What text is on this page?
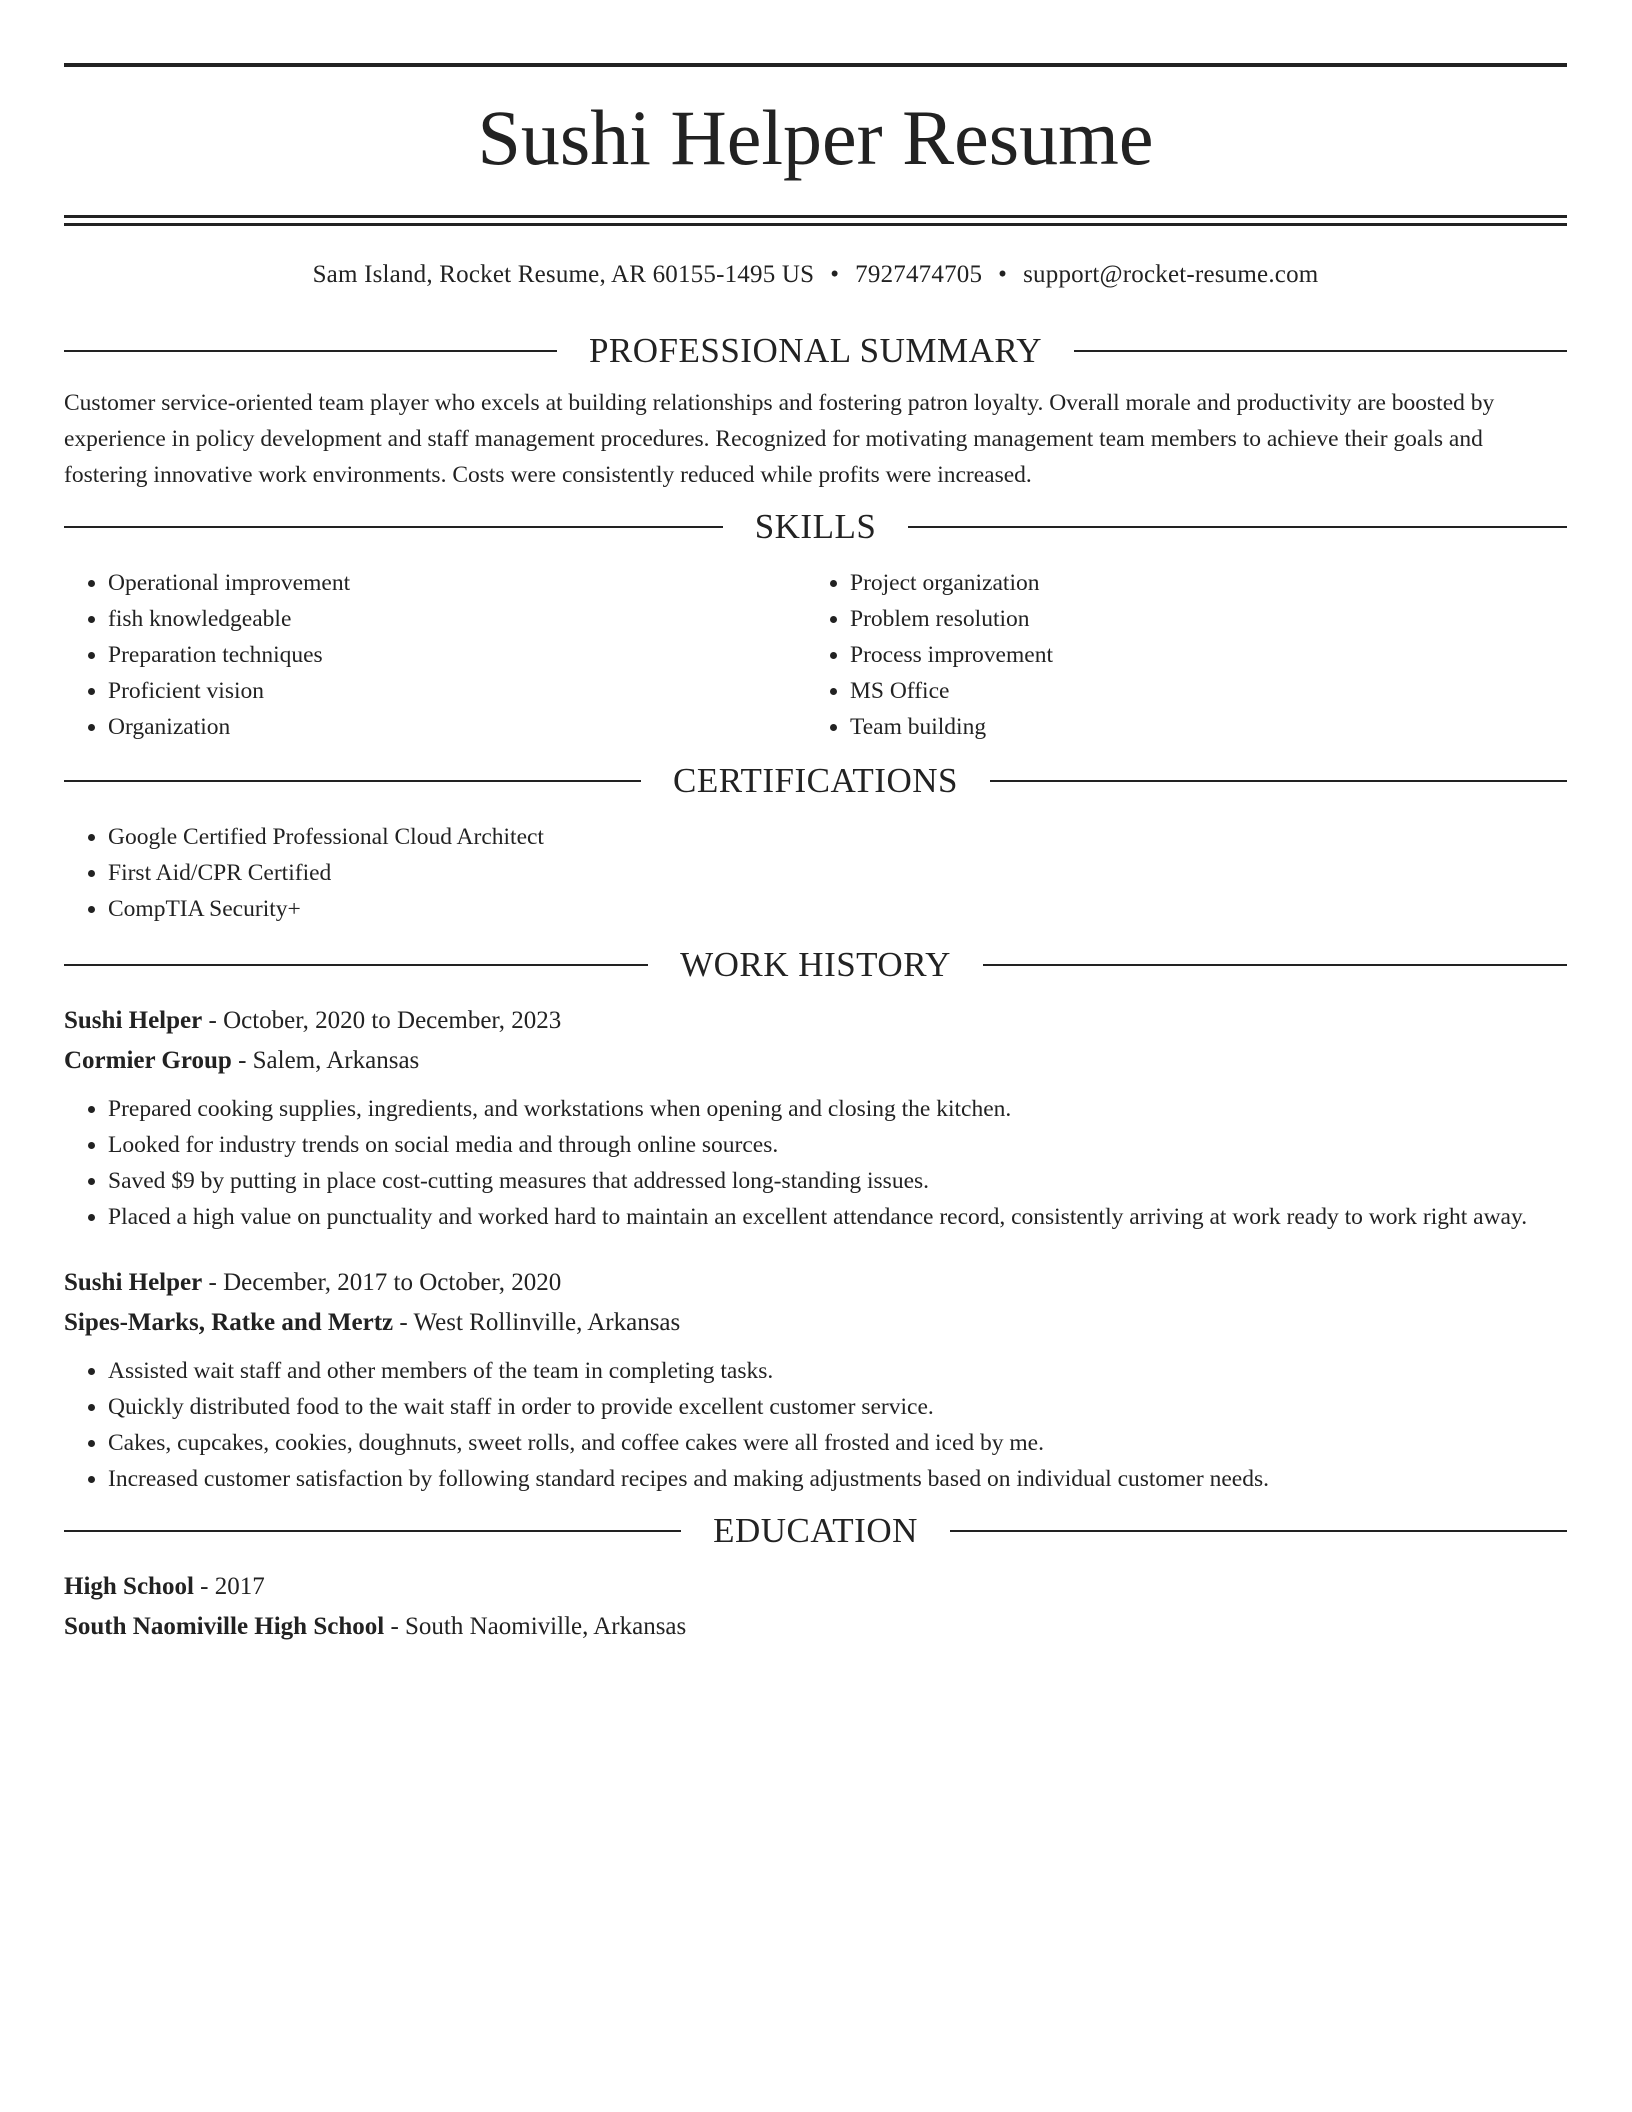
Sushi Helper Resume
Sam Island, Rocket Resume, AR 60155-1495 US • 7927474705 • support@rocket-resume.com
PROFESSIONAL SUMMARY

Customer service-oriented team player who excels at building relationships and fostering patron loyalty. Overall morale and productivity are boosted by experience in policy development and staff management procedures. Recognized for motivating management team members to achieve their goals and fostering innovative work environments. Costs were consistently reduced while profits were increased.

SKILLS
• Operational improvement
• fish knowledgeable
• Preparation techniques
• Proficient vision
• Organization
• Project organization
• Problem resolution
• Process improvement
• MS Office
• Team building
CERTIFICATIONS
• Google Certified Professional Cloud Architect
• First Aid/CPR Certified
• CompTIA Security+
WORK HISTORY
Sushi Helper - October, 2020 to December, 2023
Cormier Group - Salem, Arkansas
• Prepared cooking supplies, ingredients, and workstations when opening and closing the kitchen.
• Looked for industry trends on social media and through online sources.
• Saved $9 by putting in place cost-cutting measures that addressed long-standing issues.
• Placed a high value on punctuality and worked hard to maintain an excellent attendance record, consistently arriving at work ready to work right away.
Sushi Helper - December, 2017 to October, 2020
Sipes-Marks, Ratke and Mertz - West Rollinville, Arkansas
• Assisted wait staff and other members of the team in completing tasks.
• Quickly distributed food to the wait staff in order to provide excellent customer service.
• Cakes, cupcakes, cookies, doughnuts, sweet rolls, and coffee cakes were all frosted and iced by me.
• Increased customer satisfaction by following standard recipes and making adjustments based on individual customer needs.
EDUCATION
High School - 2017
South Naomiville High School - South Naomiville, Arkansas
